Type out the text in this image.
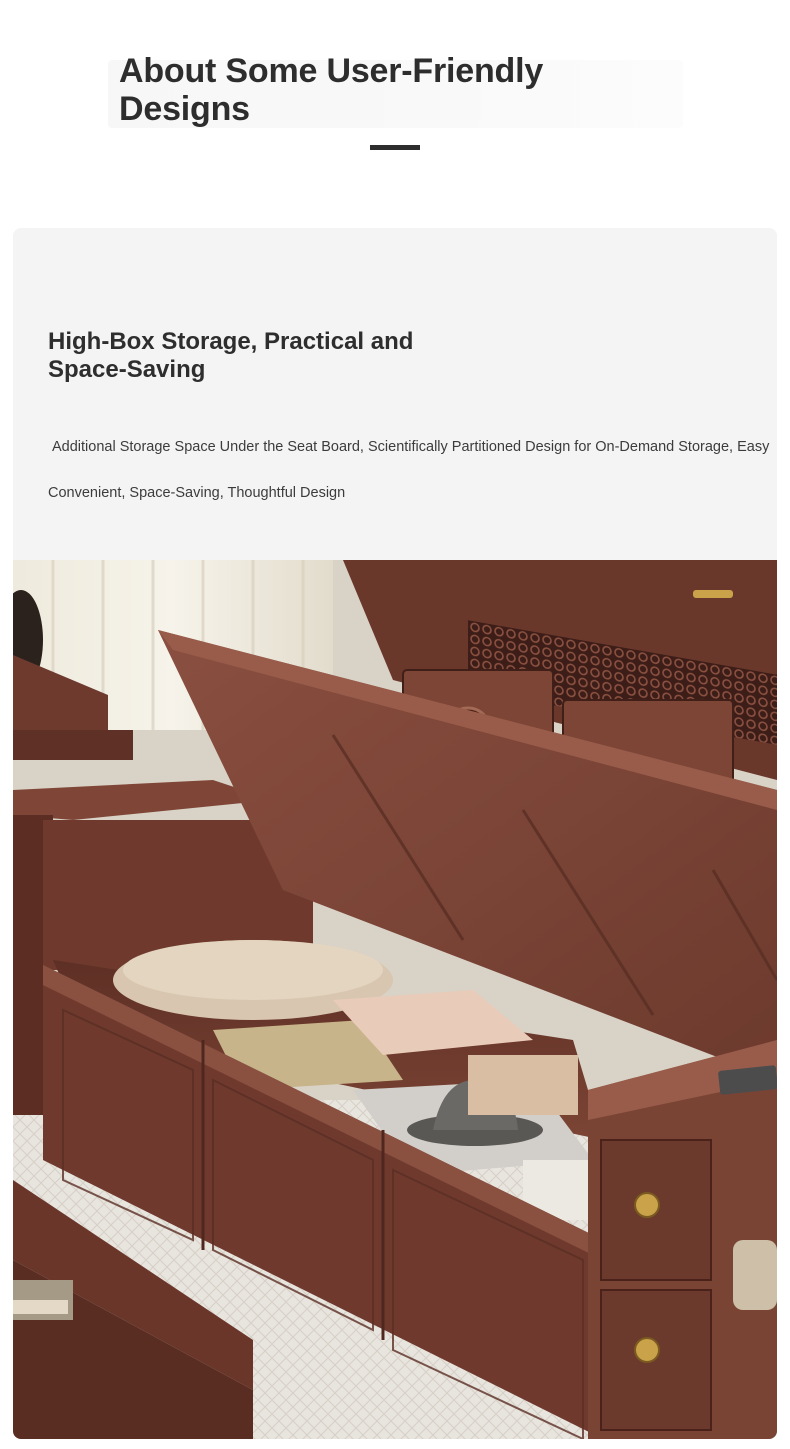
About Some User-Friendly Designs
High-Box Storage, Practical and Space-Saving

Additional Storage Space Under the Seat Board, Scientifically Partitioned Design for On-Demand Storage, Easy Convenient, Space-Saving, Thoughtful Design
